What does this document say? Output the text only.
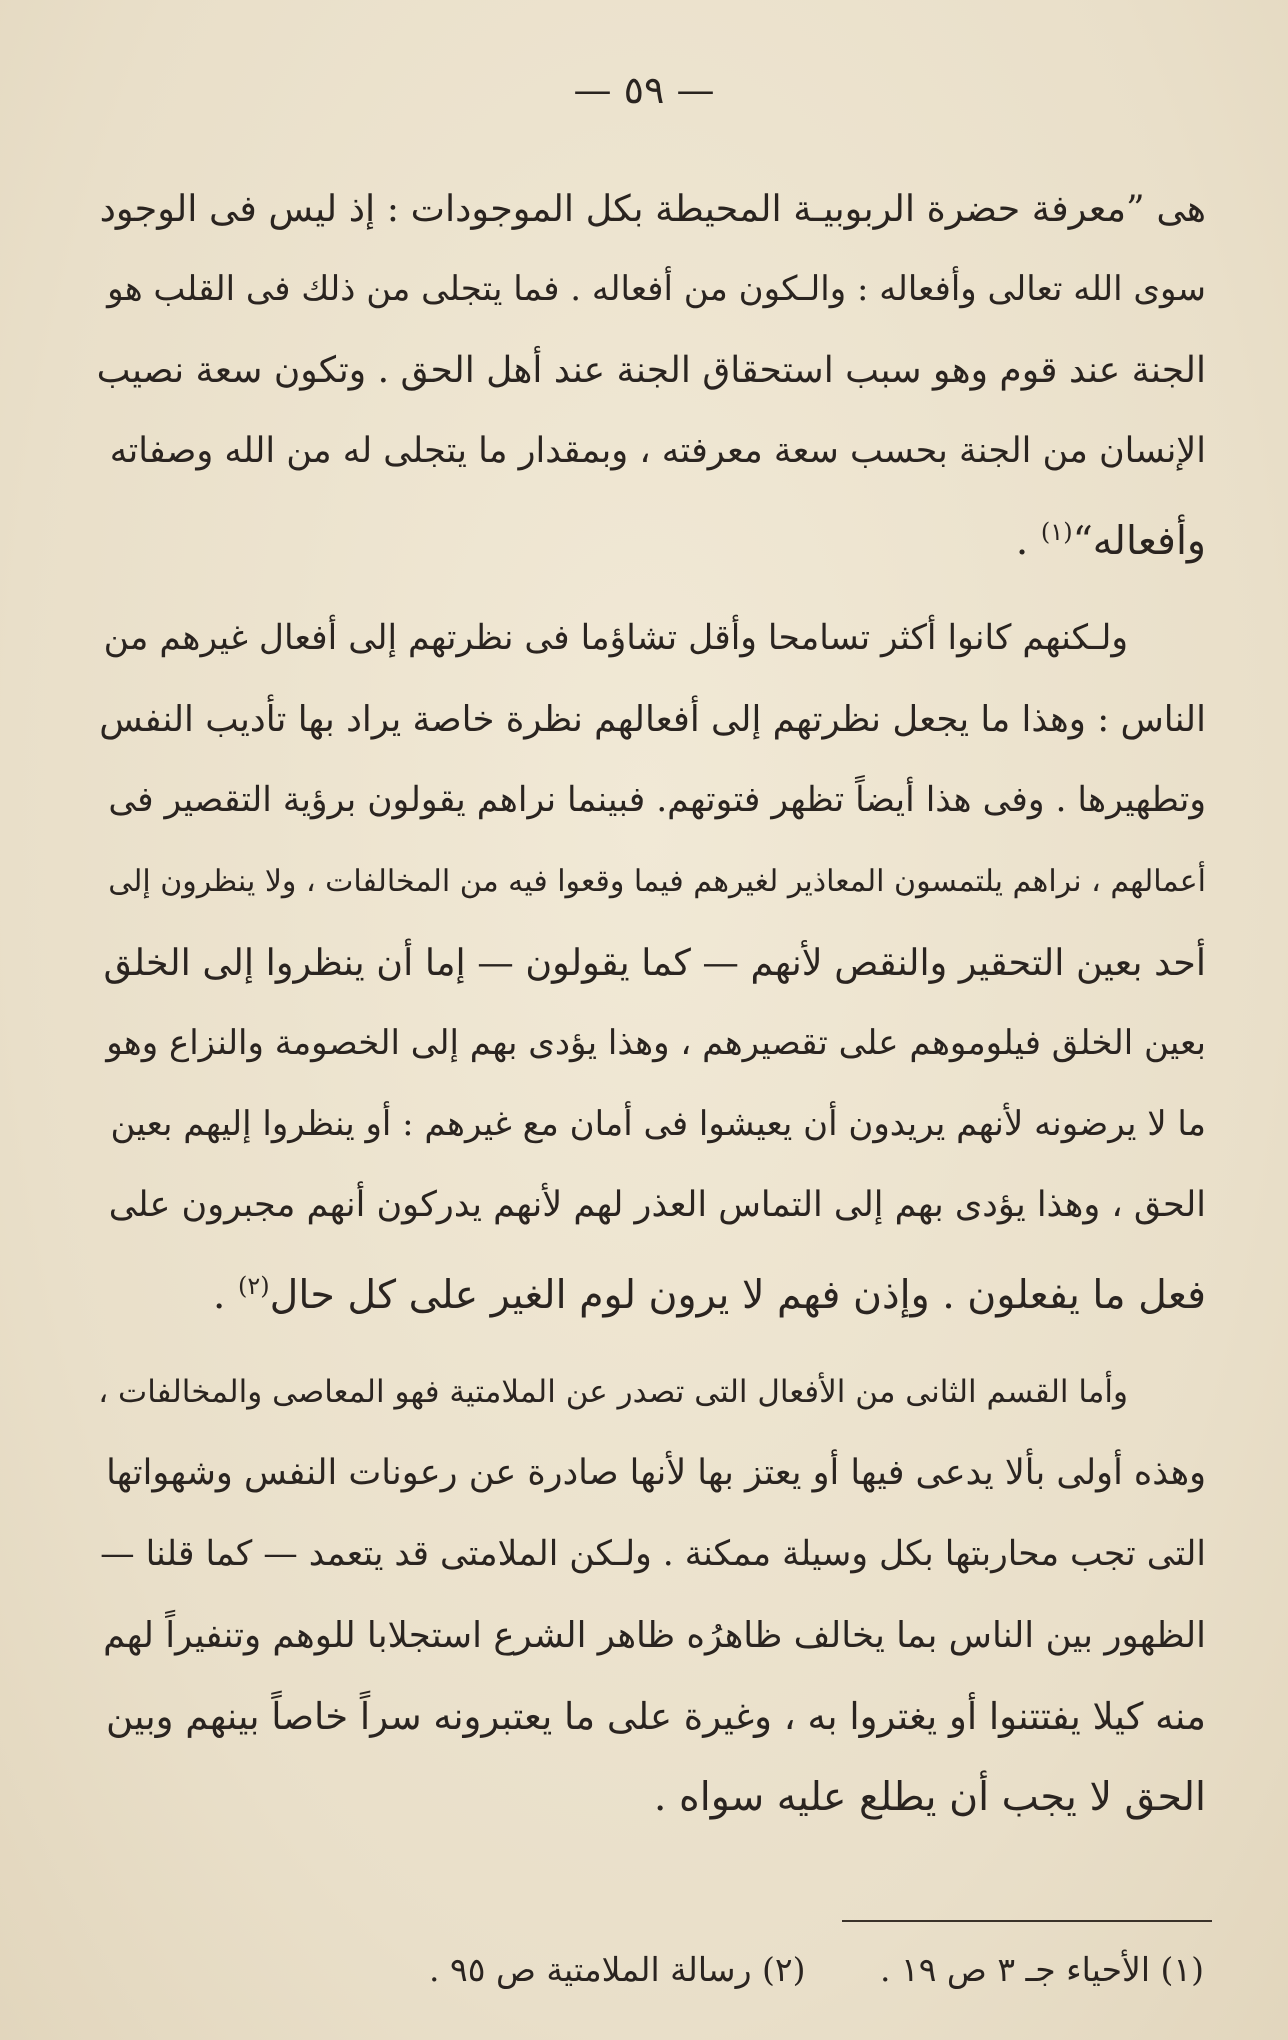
— ٥٩ —

هى ”معرفة حضرة الربوبيـة المحيطة بكل الموجودات : إذ ليس فى الوجود
سوى الله تعالى وأفعاله : والـكون من أفعاله . فما يتجلى من ذلك فى القلب هو
الجنة عند قوم وهو سبب استحقاق الجنة عند أهل الحق . وتكون سعة نصيب
الإنسان من الجنة بحسب سعة معرفته ، وبمقدار ما يتجلى له من الله وصفاته
وأفعاله“$^{(١)}$ .

ولـكنهم كانوا أكثر تسامحا وأقل تشاؤما فى نظرتهم إلى أفعال غيرهم من
الناس : وهذا ما يجعل نظرتهم إلى أفعالهم نظرة خاصة يراد بها تأديب النفس
وتطهيرها . وفى هذا أيضاً تظهر فتوتهم. فبينما نراهم يقولون برؤية التقصير فى
أعمالهم ، نراهم يلتمسون المعاذير لغيرهم فيما وقعوا فيه من المخالفات ، ولا ينظرون إلى
أحد بعين التحقير والنقص لأنهم — كما يقولون — إما أن ينظروا إلى الخلق
بعين الخلق فيلوموهم على تقصيرهم ، وهذا يؤدى بهم إلى الخصومة والنزاع وهو
ما لا يرضونه لأنهم يريدون أن يعيشوا فى أمان مع غيرهم : أو ينظروا إليهم بعين
الحق ، وهذا يؤدى بهم إلى التماس العذر لهم لأنهم يدركون أنهم مجبرون على
فعل ما يفعلون . وإذن فهم لا يرون لوم الغير على كل حال$^{(٢)}$ .

وأما القسم الثانى من الأفعال التى تصدر عن الملامتية فهو المعاصى والمخالفات ،
وهذه أولى بألا يدعى فيها أو يعتز بها لأنها صادرة عن رعونات النفس وشهواتها
التى تجب محاربتها بكل وسيلة ممكنة . ولـكن الملامتى قد يتعمد — كما قلنا —
الظهور بين الناس بما يخالف ظاهرُه ظاهر الشرع استجلابا للوهم وتنفيراً لهم
منه كيلا يفتتنوا أو يغتروا به ، وغيرة على ما يعتبرونه سراً خاصاً بينهم وبين
الحق لا يجب أن يطلع عليه سواه .

(١) الأحياء جـ ٣ ص ١٩ . (٢) رسالة الملامتية ص ٩٥ .
